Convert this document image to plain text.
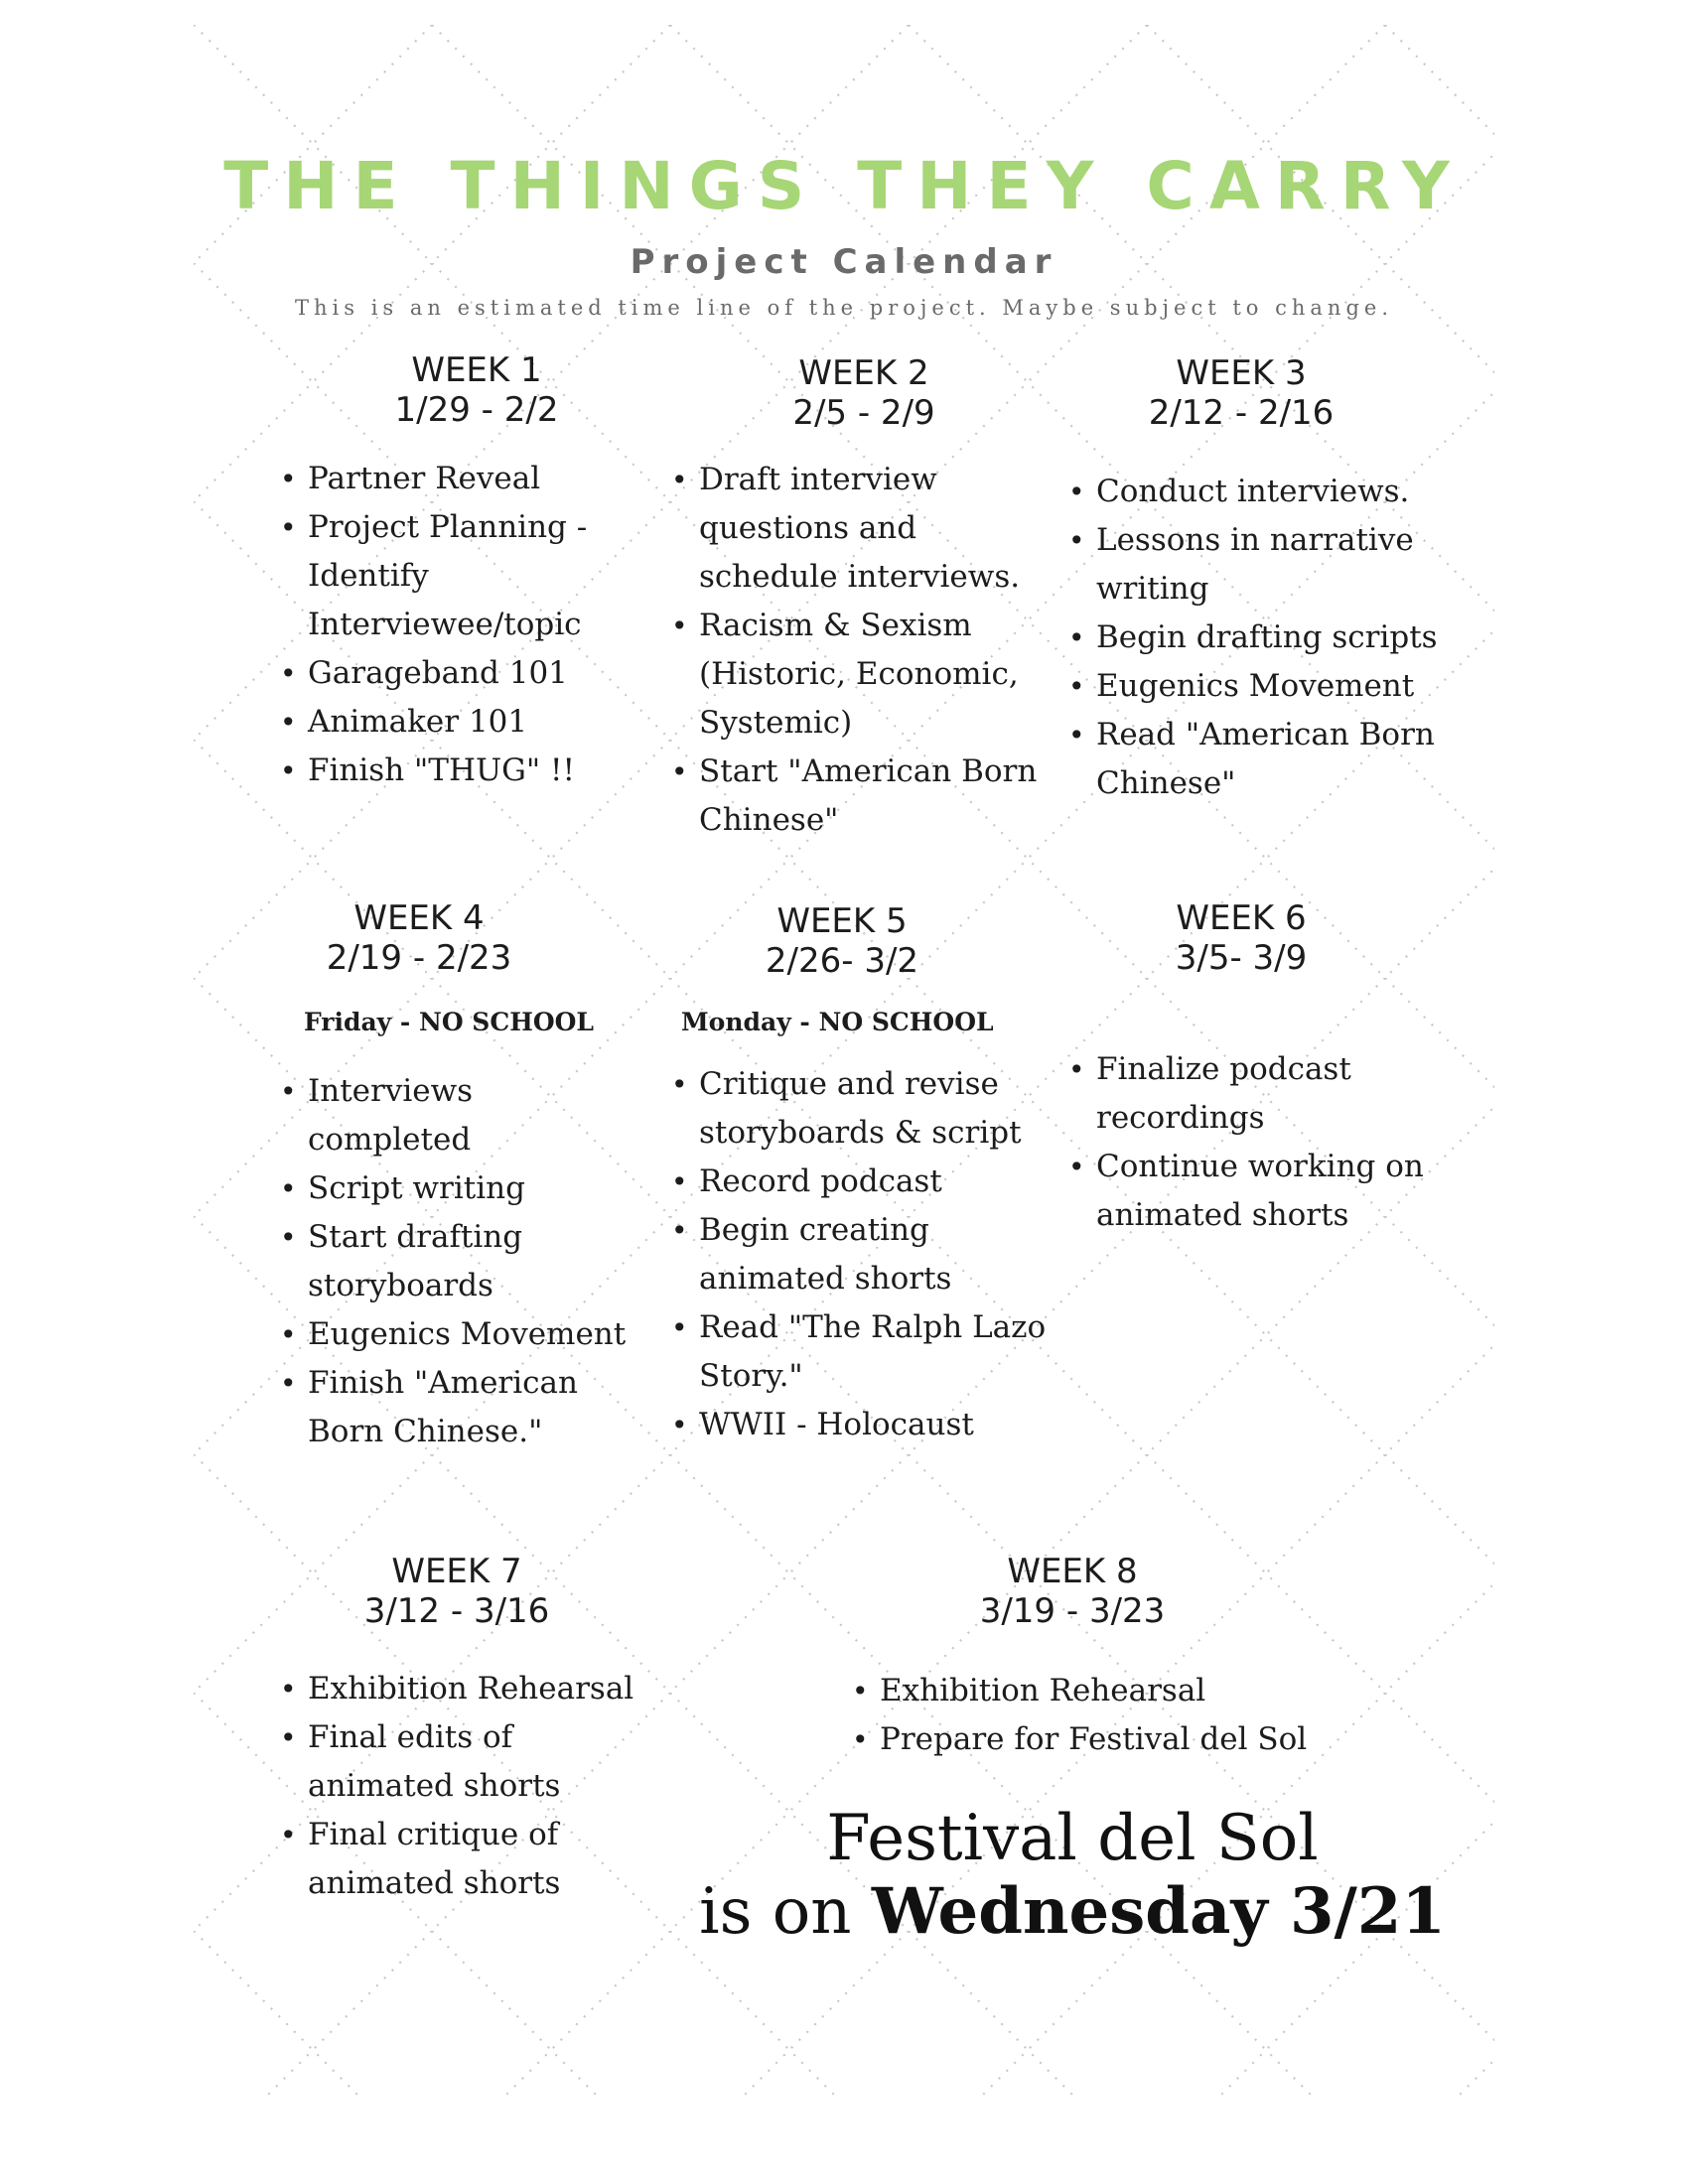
THE THINGS THEY CARRY
Project Calendar
This is an estimated time line of the project. Maybe subject to change.
WEEK 1
1/29 - 2/2
• Partner Reveal
• Project Planning - Identify Interviewee/topic
• Garageband 101
• Animaker 101
• Finish "THUG" !!
WEEK 2
2/5 - 2/9
• Draft interview questions and schedule interviews.
• Racism & Sexism (Historic, Economic, Systemic)
• Start "American Born Chinese"
WEEK 3
2/12 - 2/16
• Conduct interviews.
• Lessons in narrative writing
• Begin drafting scripts
• Eugenics Movement
• Read "American Born Chinese"
WEEK 4
2/19 - 2/23
Friday - NO SCHOOL
• Interviews completed
• Script writing
• Start drafting storyboards
• Eugenics Movement
• Finish "American Born Chinese."
WEEK 5
2/26- 3/2
Monday - NO SCHOOL
• Critique and revise storyboards & script
• Record podcast
• Begin creating animated shorts
• Read "The Ralph Lazo Story."
• WWII - Holocaust
WEEK 6
3/5- 3/9
• Finalize podcast recordings
• Continue working on animated shorts
WEEK 7
3/12 - 3/16
• Exhibition Rehearsal
• Final edits of animated shorts
• Final critique of animated shorts
WEEK 8
3/19 - 3/23
• Exhibition Rehearsal
• Prepare for Festival del Sol
Festival del Sol
is on Wednesday 3/21
